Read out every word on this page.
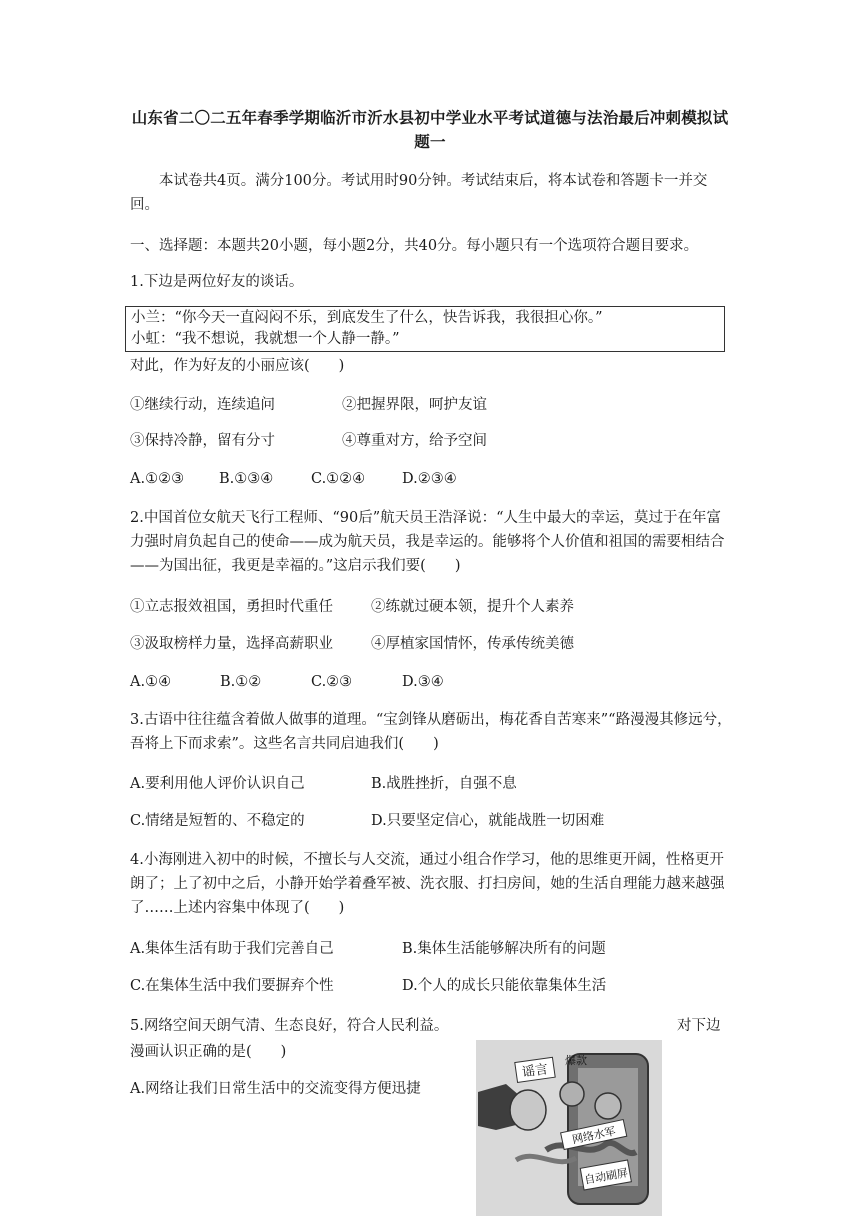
山东省二〇二五年春季学期临沂市沂水县初中学业水平考试道德与法治最后冲刺模拟试题一
本试卷共4页。满分100分。考试用时90分钟。考试结束后，将本试卷和答题卡一并交回。
一、选择题：本题共20小题，每小题2分，共40分。每小题只有一个选项符合题目要求。
1.下边是两位好友的谈话。
小兰：“你今天一直闷闷不乐，到底发生了什么，快告诉我，我很担心你。”
小虹：“我不想说，我就想一个人静一静。”
对此，作为好友的小丽应该(　　)
①继续行动，连续追问	②把握界限，呵护友谊
③保持冷静，留有分寸	④尊重对方，给予空间
A.①②③ B.①③④	C.①②④	D.②③④
2.中国首位女航天飞行工程师、“90后”航天员王浩泽说：“人生中最大的幸运，莫过于在年富力强时肩负起自己的使命——成为航天员，我是幸运的。能够将个人价值和祖国的需要相结合——为国出征，我更是幸福的。”这启示我们要(　　)
①立志报效祖国，勇担时代重任	②练就过硬本领，提升个人素养
③汲取榜样力量，选择高薪职业	④厚植家国情怀，传承传统美德
A.①④	B.①②	C.②③	D.③④
3.古语中往往蕴含着做人做事的道理。“宝剑锋从磨砺出，梅花香自苦寒来”“路漫漫其修远兮，吾将上下而求索”。这些名言共同启迪我们(　　)
A.要利用他人评价认识自己	B.战胜挫折，自强不息
C.情绪是短暂的、不稳定的	D.只要坚定信心，就能战胜一切困难
4.小海刚进入初中的时候，不擅长与人交流，通过小组合作学习，他的思维更开阔，性格更开朗了；上了初中之后，小静开始学着叠军被、洗衣服、打扫房间，她的生活自理能力越来越强了……上述内容集中体现了(　　)
A.集体生活有助于我们完善自己	B.集体生活能够解决所有的问题
C.在集体生活中我们要摒弃个性	D.个人的成长只能依靠集体生活
5.网络空间天朗气清、生态良好，符合人民利益。	对下边
漫画认识正确的是(　　)
A.网络让我们日常生活中的交流变得方便迅捷
谣言
爆款
网络水军
自动刷屏
